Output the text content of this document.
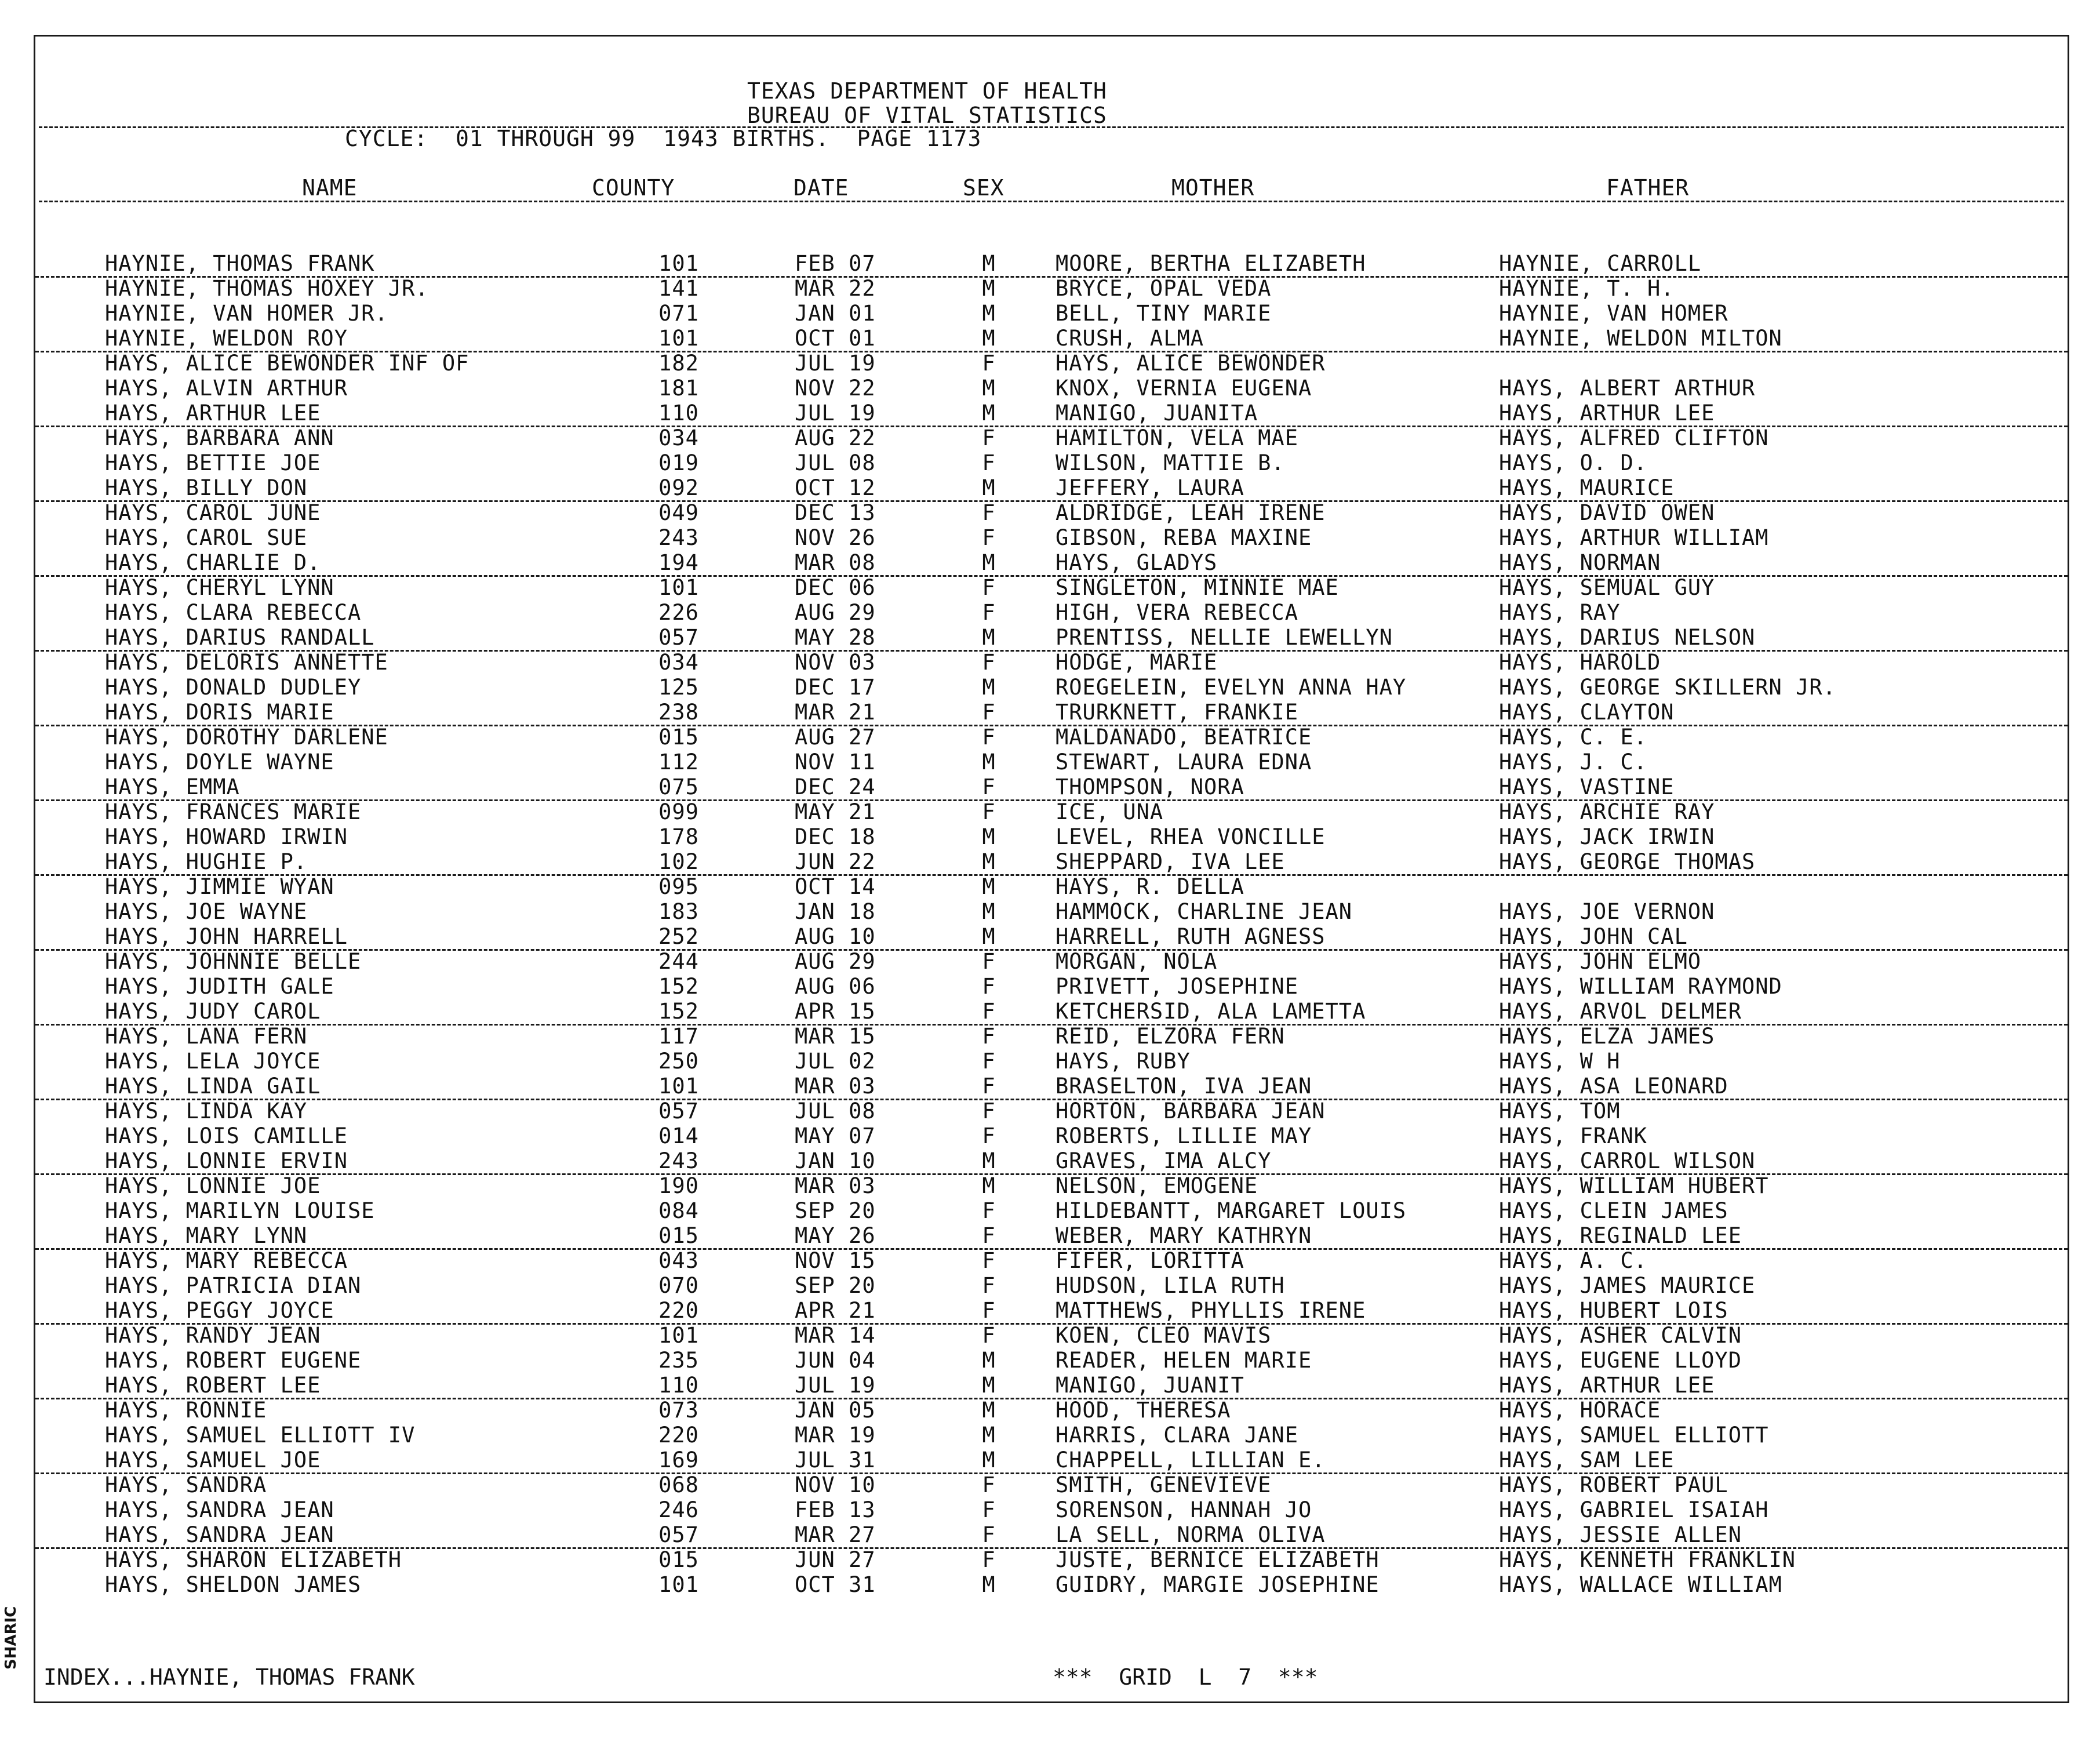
TEXAS DEPARTMENT OF HEALTH
BUREAU OF VITAL STATISTICS
CYCLE:  01 THROUGH 99  1943 BIRTHS.  PAGE 1173
NAME	COUNTY	DATE	SEX	MOTHER	FATHER
HAYNIE, THOMAS FRANK	101	FEB 07	M	MOORE, BERTHA ELIZABETH	HAYNIE, CARROLL
HAYNIE, THOMAS HOXEY JR.	141	MAR 22	M	BRYCE, OPAL VEDA	HAYNIE, T. H.
HAYNIE, VAN HOMER JR.	071	JAN 01	M	BELL, TINY MARIE	HAYNIE, VAN HOMER
HAYNIE, WELDON ROY	101	OCT 01	M	CRUSH, ALMA	HAYNIE, WELDON MILTON
HAYS, ALICE BEWONDER INF OF	182	JUL 19	F	HAYS, ALICE BEWONDER
HAYS, ALVIN ARTHUR	181	NOV 22	M	KNOX, VERNIA EUGENA	HAYS, ALBERT ARTHUR
HAYS, ARTHUR LEE	110	JUL 19	M	MANIGO, JUANITA	HAYS, ARTHUR LEE
HAYS, BARBARA ANN	034	AUG 22	F	HAMILTON, VELA MAE	HAYS, ALFRED CLIFTON
HAYS, BETTIE JOE	019	JUL 08	F	WILSON, MATTIE B.	HAYS, O. D.
HAYS, BILLY DON	092	OCT 12	M	JEFFERY, LAURA	HAYS, MAURICE
HAYS, CAROL JUNE	049	DEC 13	F	ALDRIDGE, LEAH IRENE	HAYS, DAVID OWEN
HAYS, CAROL SUE	243	NOV 26	F	GIBSON, REBA MAXINE	HAYS, ARTHUR WILLIAM
HAYS, CHARLIE D.	194	MAR 08	M	HAYS, GLADYS	HAYS, NORMAN
HAYS, CHERYL LYNN	101	DEC 06	F	SINGLETON, MINNIE MAE	HAYS, SEMUAL GUY
HAYS, CLARA REBECCA	226	AUG 29	F	HIGH, VERA REBECCA	HAYS, RAY
HAYS, DARIUS RANDALL	057	MAY 28	M	PRENTISS, NELLIE LEWELLYN	HAYS, DARIUS NELSON
HAYS, DELORIS ANNETTE	034	NOV 03	F	HODGE, MARIE	HAYS, HAROLD
HAYS, DONALD DUDLEY	125	DEC 17	M	ROEGELEIN, EVELYN ANNA HAY	HAYS, GEORGE SKILLERN JR.
HAYS, DORIS MARIE	238	MAR 21	F	TRURKNETT, FRANKIE	HAYS, CLAYTON
HAYS, DOROTHY DARLENE	015	AUG 27	F	MALDANADO, BEATRICE	HAYS, C. E.
HAYS, DOYLE WAYNE	112	NOV 11	M	STEWART, LAURA EDNA	HAYS, J. C.
HAYS, EMMA	075	DEC 24	F	THOMPSON, NORA	HAYS, VASTINE
HAYS, FRANCES MARIE	099	MAY 21	F	ICE, UNA	HAYS, ARCHIE RAY
HAYS, HOWARD IRWIN	178	DEC 18	M	LEVEL, RHEA VONCILLE	HAYS, JACK IRWIN
HAYS, HUGHIE P.	102	JUN 22	M	SHEPPARD, IVA LEE	HAYS, GEORGE THOMAS
HAYS, JIMMIE WYAN	095	OCT 14	M	HAYS, R. DELLA
HAYS, JOE WAYNE	183	JAN 18	M	HAMMOCK, CHARLINE JEAN	HAYS, JOE VERNON
HAYS, JOHN HARRELL	252	AUG 10	M	HARRELL, RUTH AGNESS	HAYS, JOHN CAL
HAYS, JOHNNIE BELLE	244	AUG 29	F	MORGAN, NOLA	HAYS, JOHN ELMO
HAYS, JUDITH GALE	152	AUG 06	F	PRIVETT, JOSEPHINE	HAYS, WILLIAM RAYMOND
HAYS, JUDY CAROL	152	APR 15	F	KETCHERSID, ALA LAMETTA	HAYS, ARVOL DELMER
HAYS, LANA FERN	117	MAR 15	F	REID, ELZORA FERN	HAYS, ELZA JAMES
HAYS, LELA JOYCE	250	JUL 02	F	HAYS, RUBY	HAYS, W H
HAYS, LINDA GAIL	101	MAR 03	F	BRASELTON, IVA JEAN	HAYS, ASA LEONARD
HAYS, LINDA KAY	057	JUL 08	F	HORTON, BARBARA JEAN	HAYS, TOM
HAYS, LOIS CAMILLE	014	MAY 07	F	ROBERTS, LILLIE MAY	HAYS, FRANK
HAYS, LONNIE ERVIN	243	JAN 10	M	GRAVES, IMA ALCY	HAYS, CARROL WILSON
HAYS, LONNIE JOE	190	MAR 03	M	NELSON, EMOGENE	HAYS, WILLIAM HUBERT
HAYS, MARILYN LOUISE	084	SEP 20	F	HILDEBANTT, MARGARET LOUIS	HAYS, CLEIN JAMES
HAYS, MARY LYNN	015	MAY 26	F	WEBER, MARY KATHRYN	HAYS, REGINALD LEE
HAYS, MARY REBECCA	043	NOV 15	F	FIFER, LORITTA	HAYS, A. C.
HAYS, PATRICIA DIAN	070	SEP 20	F	HUDSON, LILA RUTH	HAYS, JAMES MAURICE
HAYS, PEGGY JOYCE	220	APR 21	F	MATTHEWS, PHYLLIS IRENE	HAYS, HUBERT LOIS
HAYS, RANDY JEAN	101	MAR 14	F	KOEN, CLEO MAVIS	HAYS, ASHER CALVIN
HAYS, ROBERT EUGENE	235	JUN 04	M	READER, HELEN MARIE	HAYS, EUGENE LLOYD
HAYS, ROBERT LEE	110	JUL 19	M	MANIGO, JUANIT	HAYS, ARTHUR LEE
HAYS, RONNIE	073	JAN 05	M	HOOD, THERESA	HAYS, HORACE
HAYS, SAMUEL ELLIOTT IV	220	MAR 19	M	HARRIS, CLARA JANE	HAYS, SAMUEL ELLIOTT
HAYS, SAMUEL JOE	169	JUL 31	M	CHAPPELL, LILLIAN E.	HAYS, SAM LEE
HAYS, SANDRA	068	NOV 10	F	SMITH, GENEVIEVE	HAYS, ROBERT PAUL
HAYS, SANDRA JEAN	246	FEB 13	F	SORENSON, HANNAH JO	HAYS, GABRIEL ISAIAH
HAYS, SANDRA JEAN	057	MAR 27	F	LA SELL, NORMA OLIVA	HAYS, JESSIE ALLEN
HAYS, SHARON ELIZABETH	015	JUN 27	F	JUSTE, BERNICE ELIZABETH	HAYS, KENNETH FRANKLIN
HAYS, SHELDON JAMES	101	OCT 31	M	GUIDRY, MARGIE JOSEPHINE	HAYS, WALLACE WILLIAM
INDEX...HAYNIE, THOMAS FRANK	***  GRID  L  7  ***
SHARIC
